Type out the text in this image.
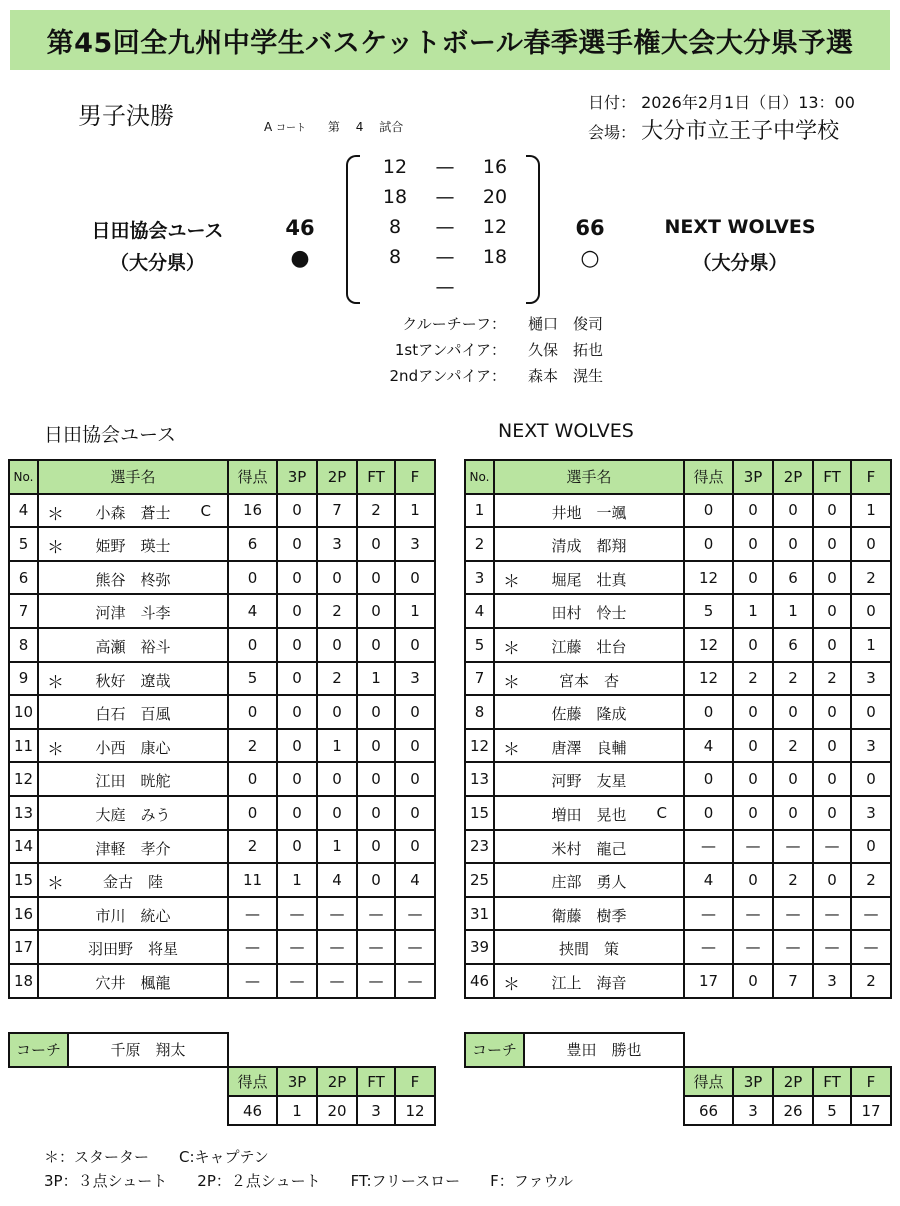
第45回 全九州中学生バスケットボール春季選手権大会大分県予選
男子決勝	A コート 第 4 試合
日付： 2026年2月1日（日）13：00
会場： 大分市立王子中学校
日田協会ユース
（大分県）
46
●
66
○
NEXT WOLVES
（大分県）
12	—	16
18	—	20
8	—	12
8	—	18
—
クルーチーフ： 樋口　俊司
1stアンパイア： 久保　拓也
2ndアンパイア： 森本　滉生
日田協会ユース	NEXT WOLVES
No.	選手名	得点	3P	2P	FT	F
4	＊ 小森　蒼士 C	16	0	7	2	1
5	＊ 姫野　瑛士	6	0	3	0	3
6	熊谷　柊弥	0	0	0	0	0
7	河津　斗李	4	0	2	0	1
8	高瀬　裕斗	0	0	0	0	0
9	＊ 秋好　遼哉	5	0	2	1	3
10	白石　百風	0	0	0	0	0
11	＊ 小西　康心	2	0	1	0	0
12	江田　晄舵	0	0	0	0	0
13	大庭　みう	0	0	0	0	0
14	津軽　孝介	2	0	1	0	0
15	＊ 金古　陸	11	1	4	0	4
16	市川　統心	—	—	—	—	—
17	羽田野　将星	—	—	—	—	—
18	穴井　楓龍	—	—	—	—	—
No.	選手名	得点	3P	2P	FT	F
1	井地　一颯	0	0	0	0	1
2	清成　都翔	0	0	0	0	0
3	＊ 堀尾　壮真	12	0	6	0	2
4	田村　怜士	5	1	1	0	0
5	＊ 江藤　壮台	12	0	6	0	1
7	＊ 宮本　杏	12	2	2	2	3
8	佐藤　隆成	0	0	0	0	0
12	＊ 唐澤　良輔	4	0	2	0	3
13	河野　友星	0	0	0	0	0
15	増田　晃也 C	0	0	0	0	3
23	米村　龍己	—	—	—	—	0
25	庄部　勇人	4	0	2	0	2
31	衛藤　樹季	—	—	—	—	—
39	挟間　策	—	—	—	—	—
46	＊ 江上　海音	17	0	7	3	2
コーチ	千原　翔太	コーチ	豊田　勝也
得点	3P	2P	FT	F
46	1	20	3	12
得点	3P	2P	FT	F
66	3	26	5	17
＊：スターター　　C:キャプテン
3P：３点シュート　　2P：２点シュート　　FT:フリースロー　　F：ファウル
